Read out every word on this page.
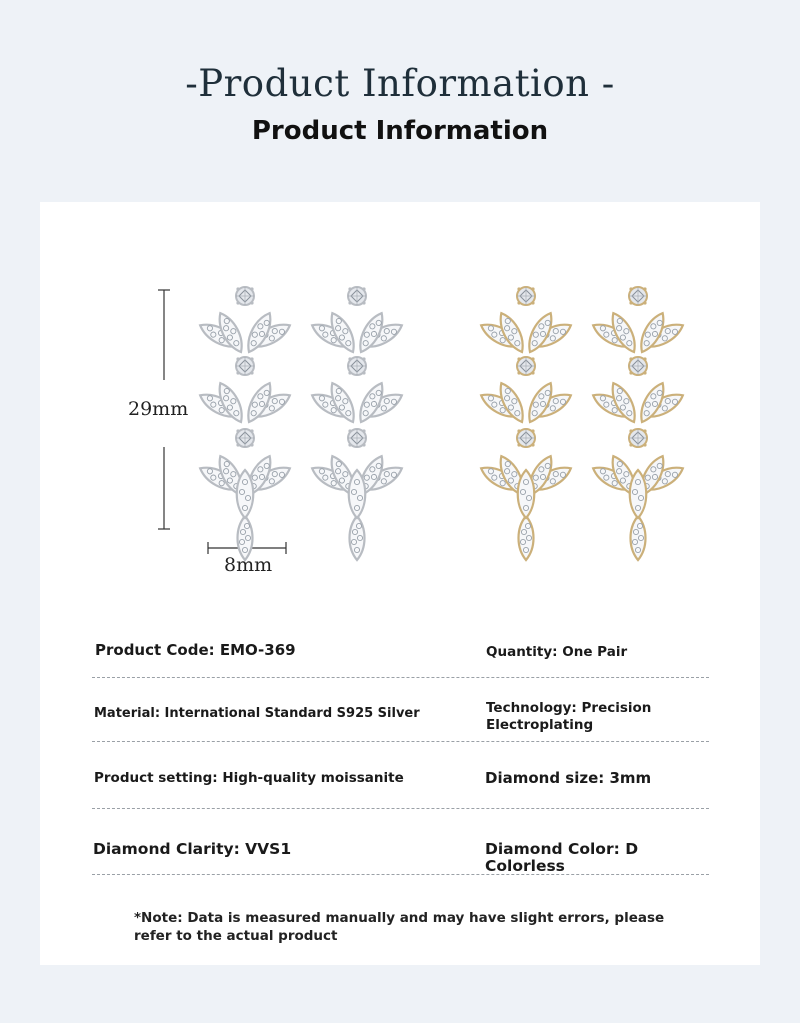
-Product Information -
Product Information
29mm
8mm
Product Code: EMO-369	Quantity: One Pair
Material: International Standard S925 Silver	Technology: Precision Electroplating
Product setting: High-quality moissanite	Diamond size: 3mm
Diamond Clarity: VVS1	Diamond Color: D Colorless
*Note: Data is measured manually and may have slight errors, please refer to the actual product
